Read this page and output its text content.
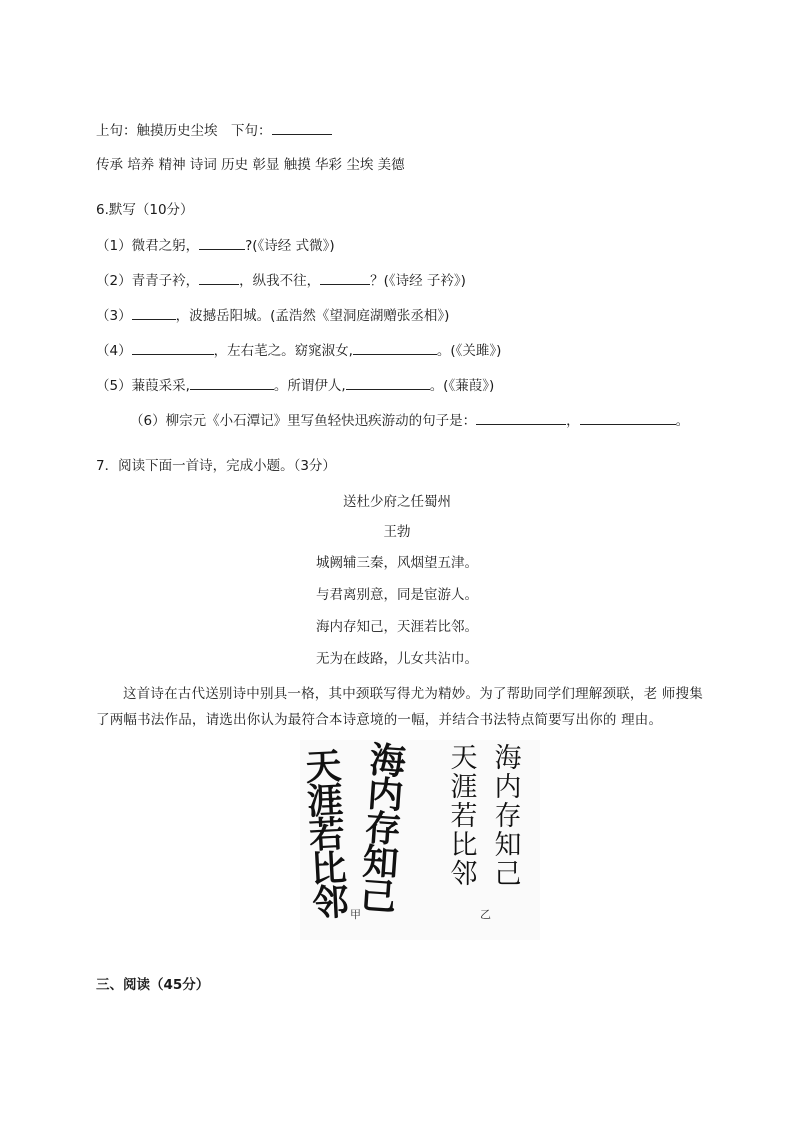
上句：触摸历史尘埃　下句：
传承 培养 精神 诗词 历史 彰显 触摸 华彩 尘埃 美德
6.默写（10分）
（1）微君之躬，	?(《诗经 式微》)
（2）青青子衿，	，纵我不往，	？(《诗经 子衿》)
（3）	，波撼岳阳城。(孟浩然《望洞庭湖赠张丞相》)
（4）	，左右芼之。窈窕淑女,	。(《关雎》)
（5）蒹葭采采,	。所谓伊人,	。(《蒹葭》)
（6）柳宗元《小石潭记》里写鱼轻快迅疾游动的句子是：	，	。
7．阅读下面一首诗，完成小题。（3分）
送杜少府之任蜀州
王勃
城阙辅三秦，风烟望五津。
与君离别意，同是宦游人。
海内存知己，天涯若比邻。
无为在歧路，儿女共沾巾。
这首诗在古代送别诗中别具一格，其中颈联写得尤为精妙。为了帮助同学们理解颈联，老 师搜集了两幅书法作品，请选出你认为最符合本诗意境的一幅，并结合书法特点简要写出你的 理由。
海
内
存
知
己
天
涯
若
比
邻
海
内
存
知
己
天
涯
若
比
邻
甲	乙
三、阅读（45分）
